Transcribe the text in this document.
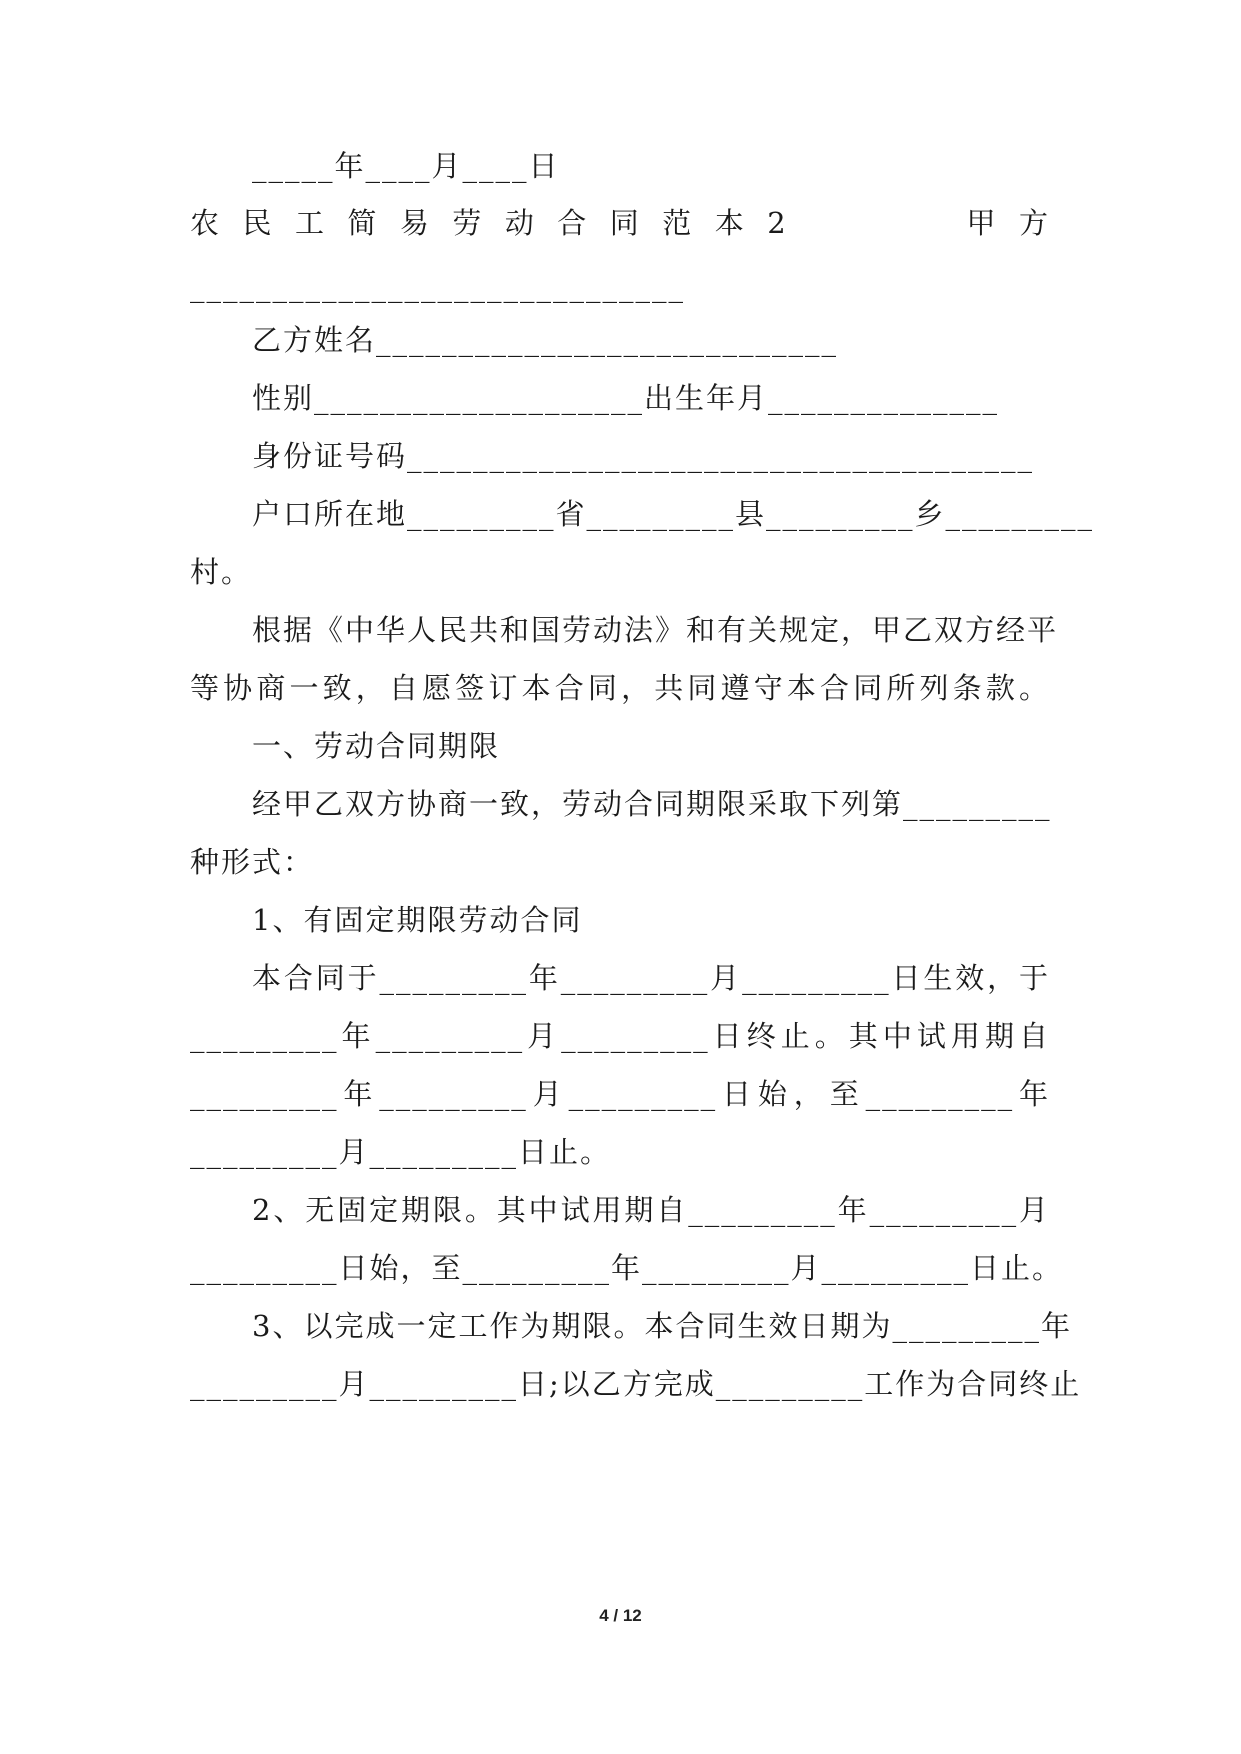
_____年____月____日
农民工简易劳动合同范本2　　　甲方
______________________________
乙方姓名____________________________
性别____________________出生年月______________
身份证号码______________________________________
户口所在地_________省_________县_________乡_________
村。
根据《中华人民共和国劳动法》和有关规定，甲乙双方经平
等协商一致，自愿签订本合同，共同遵守本合同所列条款。
一、劳动合同期限
经甲乙双方协商一致，劳动合同期限采取下列第_________
种形式：
1、有固定期限劳动合同
本合同于_________年_________月_________日生效，于
_________年_________月_________日终止。其中试用期自
_________年_________月_________日始，至_________年
_________月_________日止。
2、无固定期限。其中试用期自_________年_________月
_________日始，至_________年_________月_________日止。
3、以完成一定工作为期限。本合同生效日期为_________年
_________月_________日;以乙方完成_________工作为合同终止
4 / 12
